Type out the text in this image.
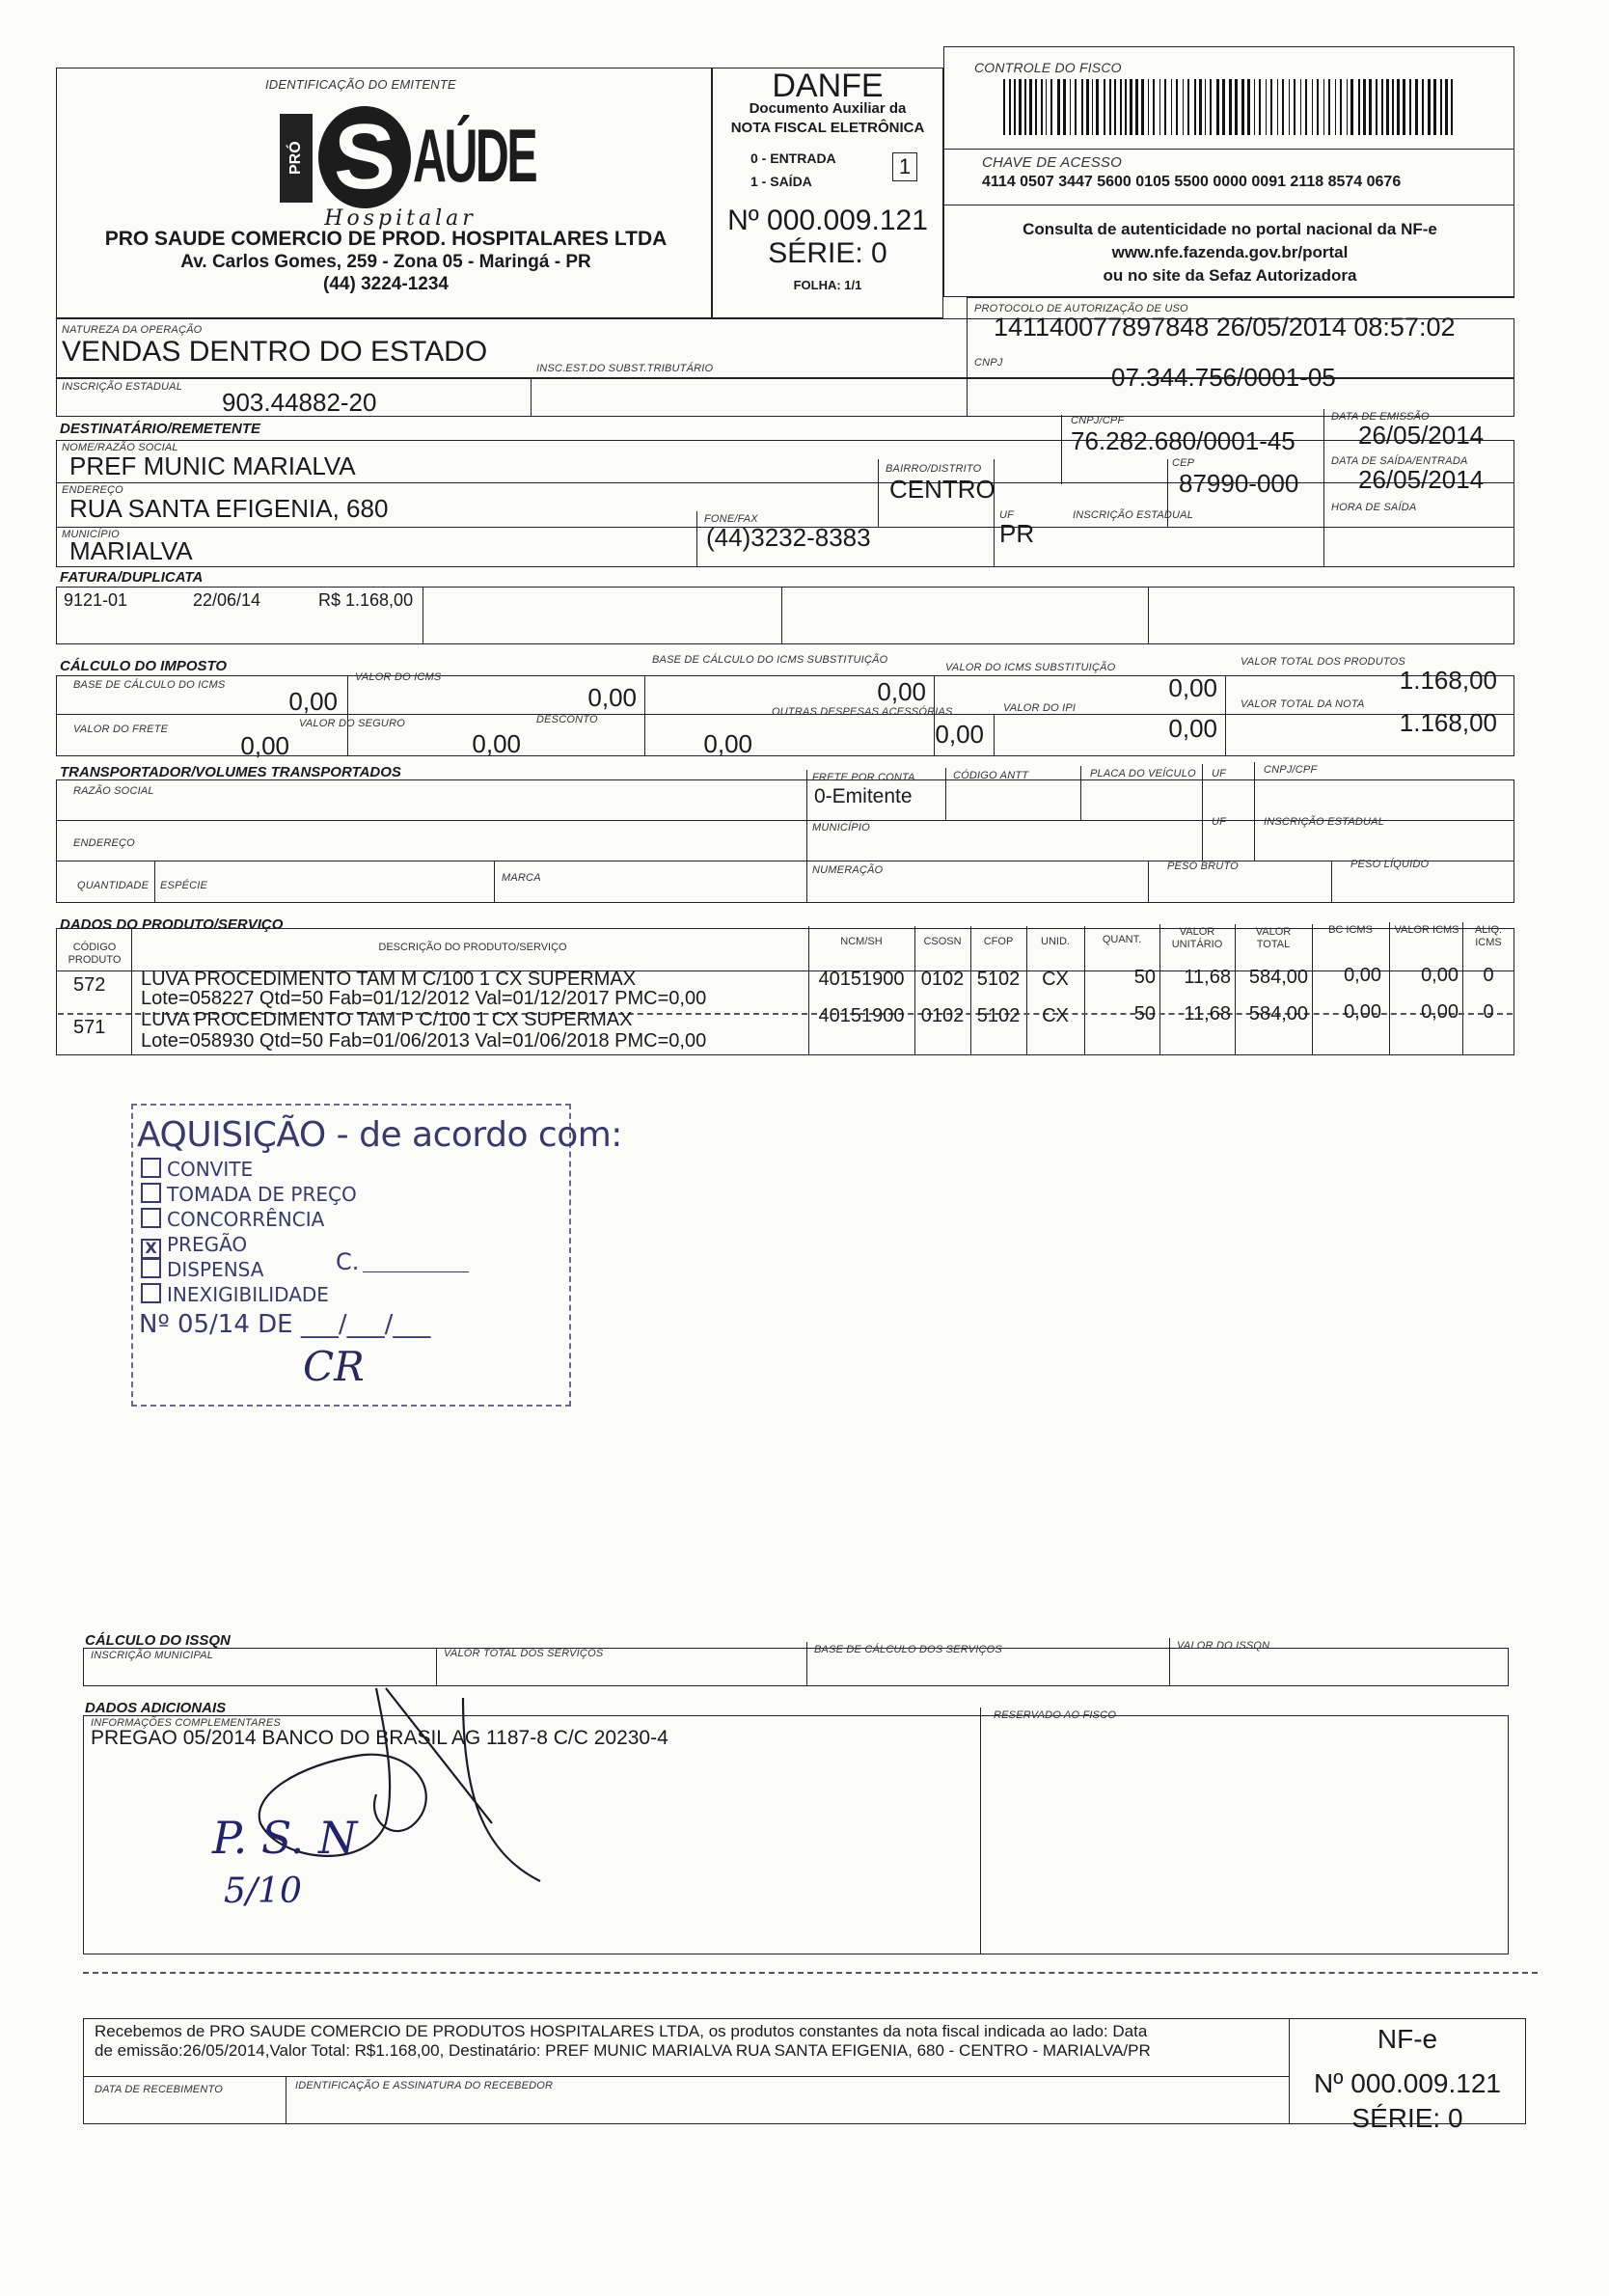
IDENTIFICAÇÃO DO EMITENTE
PRÓ S AÚDE
Hospitalar
PRO SAUDE COMERCIO DE PROD. HOSPITALARES LTDA
Av. Carlos Gomes, 259 - Zona 05 - Maringá - PR
(44) 3224-1234
DANFE
Documento Auxiliar da
NOTA FISCAL ELETRÔNICA
0 - ENTRADA
1 - SAÍDA
1
Nº 000.009.121
SÉRIE: 0
FOLHA: 1/1
CONTROLE DO FISCO
CHAVE DE ACESSO
4114 0507 3447 5600 0105 5500 0000 0091 2118 8574 0676
Consulta de autenticidade no portal nacional da NF-e
www.nfe.fazenda.gov.br/portal
ou no site da Sefaz Autorizadora
NATUREZA DA OPERAÇÃO
VENDAS DENTRO DO ESTADO
PROTOCOLO DE AUTORIZAÇÃO DE USO
141140077897848 26/05/2014 08:57:02
INSCRIÇÃO ESTADUAL
903.44882-20
INSC.EST.DO SUBST.TRIBUTÁRIO	CNPJ	07.344.756/0001-05
DESTINATÁRIO/REMETENTE
NOME/RAZÃO SOCIAL
PREF MUNIC MARIALVA
CNPJ/CPF
76.282.680/0001-45
DATA DE EMISSÃO
26/05/2014
ENDEREÇO
RUA SANTA EFIGENIA, 680
BAIRRO/DISTRITO
CENTRO
CEP
87990-000
DATA DE SAÍDA/ENTRADA
26/05/2014
MUNICÍPIO
MARIALVA
FONE/FAX
(44)3232-8383
UF
PR
INSCRIÇÃO ESTADUAL
HORA DE SAÍDA
FATURA/DUPLICATA
9121-01	22/06/14	R$ 1.168,00
CÁLCULO DO IMPOSTO
BASE DE CÁLCULO DO ICMS
0,00
VALOR DO ICMS
0,00
BASE DE CÁLCULO DO ICMS SUBSTITUIÇÃO
0,00
VALOR DO ICMS SUBSTITUIÇÃO
0,00
VALOR TOTAL DOS PRODUTOS
1.168,00
VALOR DO FRETE
0,00
VALOR DO SEGURO
0,00
DESCONTO
0,00
OUTRAS DESPESAS ACESSÓRIAS
0,00
VALOR DO IPI
0,00
VALOR TOTAL DA NOTA
1.168,00
TRANSPORTADOR/VOLUMES TRANSPORTADOS
RAZÃO SOCIAL
FRETE POR CONTA
0-Emitente
CÓDIGO ANTT	PLACA DO VEÍCULO UF	CNPJ/CPF
ENDEREÇO
MUNICÍPIO	UF	INSCRIÇÃO ESTADUAL
QUANTIDADE ESPÉCIE
MARCA
NUMERAÇÃO	PESO BRUTO	PESO LÍQUIDO
DADOS DO PRODUTO/SERVIÇO
CÓDIGO PRODUTO
DESCRIÇÃO DO PRODUTO/SERVIÇO	NCM/SH	CSOSN	CFOP	UNID.	QUANT.
VALOR UNITÁRIO
VALOR TOTAL
BC ICMS	VALOR ICMS	ALIQ. ICMS
572 LUVA PROCEDIMENTO TAM M C/100 1 CX SUPERMAX
Lote=058227 Qtd=50 Fab=01/12/2012 Val=01/12/2017 PMC=0,00
40151900 0102 5102	CX	50	11,68 584,00	0,00	0,00	0
571 LUVA PROCEDIMENTO TAM P C/100 1 CX SUPERMAX
Lote=058930 Qtd=50 Fab=01/06/2013 Val=01/06/2018 PMC=0,00
40151900 0102 5102	CX	50	11,68 584,00	0,00	0,00	0
AQUISIÇÃO - de acordo com:
CONVITE
TOMADA DE PREÇO
CONCORRÊNCIA
X PREGÃO
DISPENSA	C.
INEXIGIBILIDADE
Nº 05/14 DE ___/___/___
CR
CÁLCULO DO ISSQN
INSCRIÇÃO MUNICIPAL	VALOR TOTAL DOS SERVIÇOS	BASE DE CÁLCULO DOS SERVIÇOS	VALOR DO ISSQN
DADOS ADICIONAIS
INFORMAÇÕES COMPLEMENTARES
PREGAO 05/2014 BANCO DO BRASIL AG 1187-8 C/C 20230-4
RESERVADO AO FISCO
P. S. N
5/10
Recebemos de PRO SAUDE COMERCIO DE PRODUTOS HOSPITALARES LTDA, os produtos constantes da nota fiscal indicada ao lado: Data
de emissão:26/05/2014,Valor Total: R$1.168,00, Destinatário: PREF MUNIC MARIALVA RUA SANTA EFIGENIA, 680 - CENTRO - MARIALVA/PR
DATA DE RECEBIMENTO	IDENTIFICAÇÃO E ASSINATURA DO RECEBEDOR
NF-e
Nº 000.009.121
SÉRIE: 0
